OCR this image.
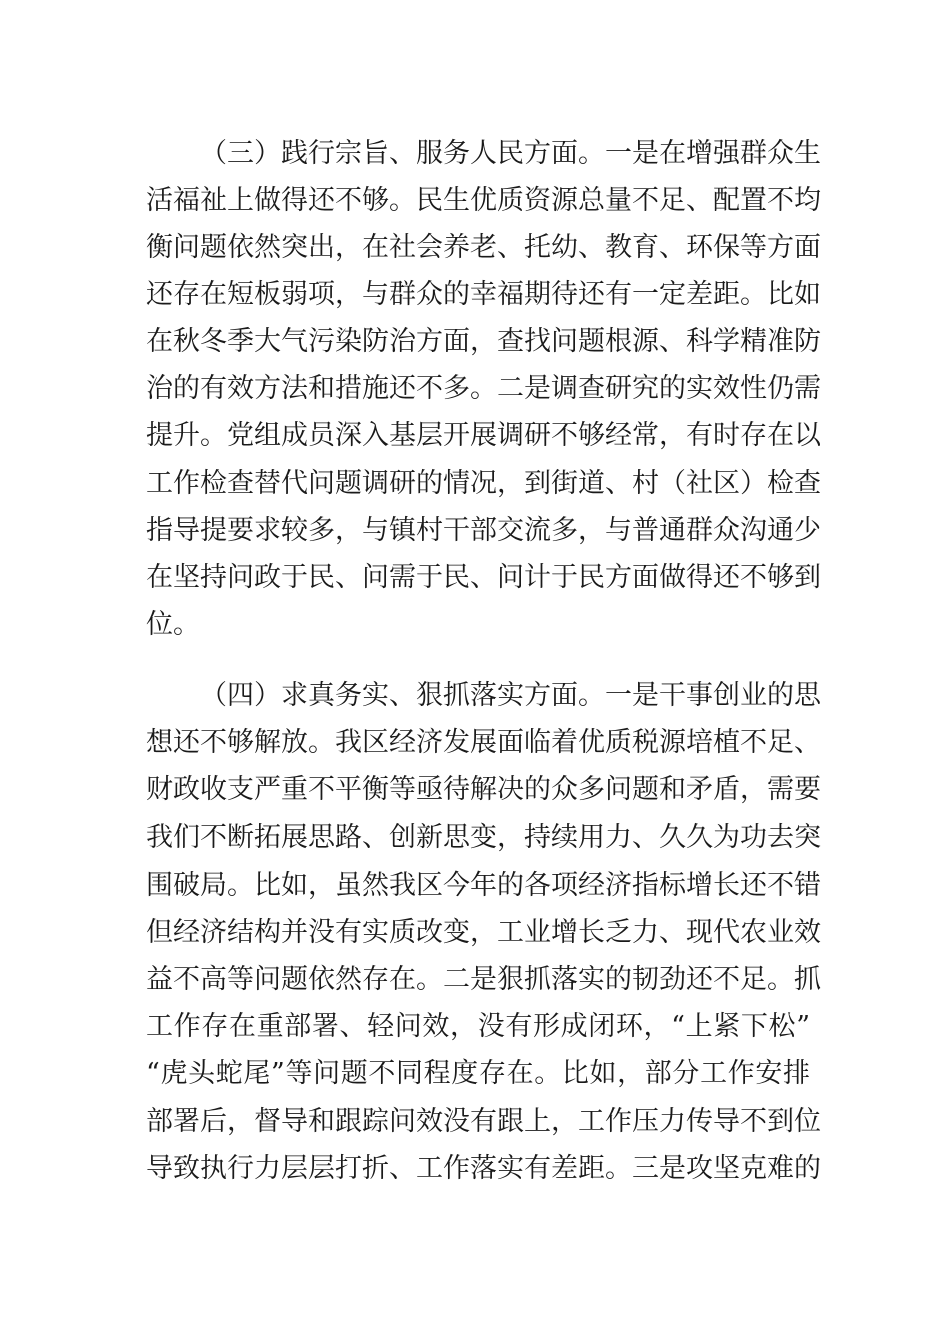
（三）践行宗旨、服务人民方面。一是在增强群众生
活福祉上做得还不够。民生优质资源总量不足、配置不均
衡问题依然突出，在社会养老、托幼、教育、环保等方面
还存在短板弱项，与群众的幸福期待还有一定差距。比如
在秋冬季大气污染防治方面，查找问题根源、科学精准防
治的有效方法和措施还不多。二是调查研究的实效性仍需
提升。党组成员深入基层开展调研不够经常，有时存在以
工作检查替代问题调研的情况，到街道、村（社区）检查
指导提要求较多，与镇村干部交流多，与普通群众沟通少
在坚持问政于民、问需于民、问计于民方面做得还不够到
位。
（四）求真务实、狠抓落实方面。一是干事创业的思
想还不够解放。我区经济发展面临着优质税源培植不足、
财政收支严重不平衡等亟待解决的众多问题和矛盾，需要
我们不断拓展思路、创新思变，持续用力、久久为功去突
围破局。比如，虽然我区今年的各项经济指标增长还不错
但经济结构并没有实质改变，工业增长乏力、现代农业效
益不高等问题依然存在。二是狠抓落实的韧劲还不足。抓
工作存在重部署、轻问效，没有形成闭环，“上紧下松”
“虎头蛇尾”等问题不同程度存在。比如，部分工作安排
部署后，督导和跟踪问效没有跟上，工作压力传导不到位
导致执行力层层打折、工作落实有差距。三是攻坚克难的
